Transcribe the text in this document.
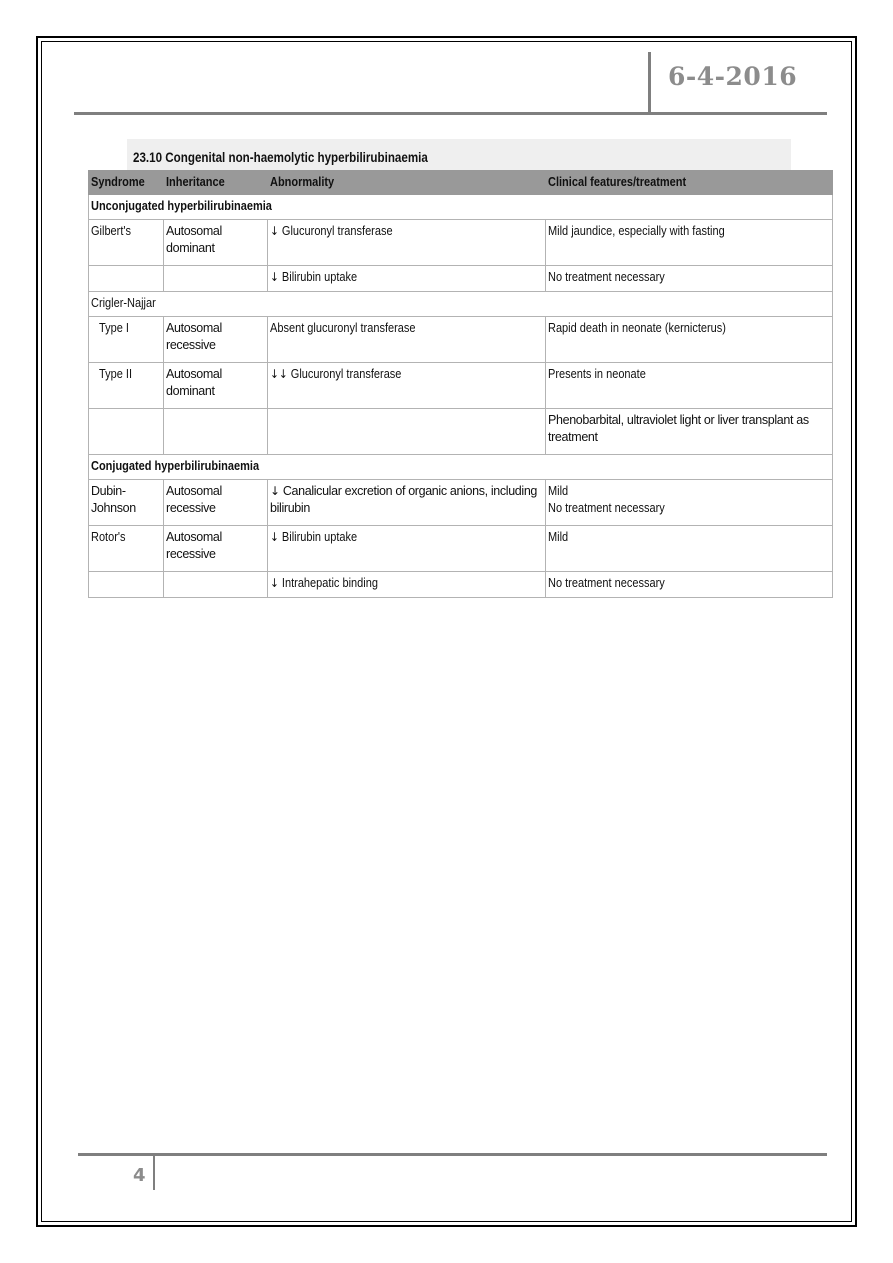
6-4-2016
23.10 Congenital non-haemolytic hyperbilirubinaemia
Syndrome	Inheritance	Abnormality	Clinical features/treatment
Unconjugated hyperbilirubinaemia			
Gilbert's	Autosomal dominant	↓ Glucuronyl transferase	Mild jaundice, especially with fasting
		↓ Bilirubin uptake	No treatment necessary
Crigler-Najjar			
Type I	Autosomal recessive	Absent glucuronyl transferase	Rapid death in neonate (kernicterus)
Type II	Autosomal dominant	↓↓ Glucuronyl transferase	Presents in neonate
			Phenobarbital, ultraviolet light or liver transplant as treatment
Conjugated hyperbilirubinaemia			
Dubin-Johnson	Autosomal recessive	↓ Canalicular excretion of organic anions, including bilirubin	Mild
No treatment necessary
Rotor's	Autosomal recessive	↓ Bilirubin uptake	Mild
		↓ Intrahepatic binding	No treatment necessary
4
